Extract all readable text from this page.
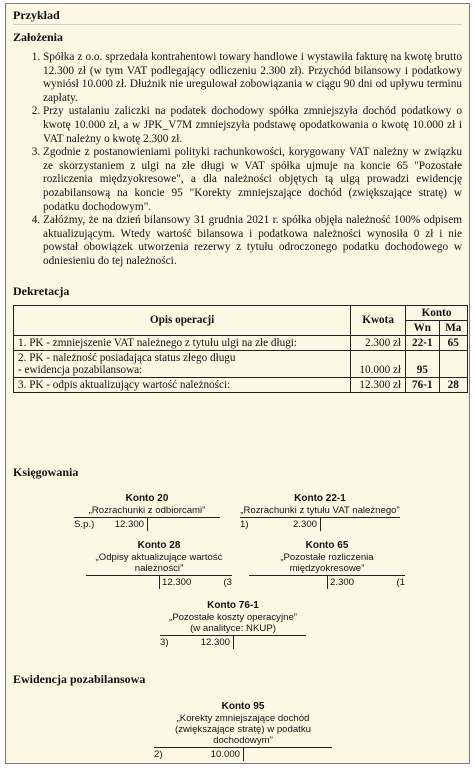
Przykład
Założenia
1. Spółka z o.o. sprzedała kontrahentowi towary handlowe i wystawiła fakturę na kwotę brutto 12.300 zł (w tym VAT podlegający odliczeniu 2.300 zł). Przychód bilansowy i podatkowy wyniósł 10.000 zł. Dłużnik nie uregulował zobowiązania w ciągu 90 dni od upływu terminu zapłaty.
2. Przy ustalaniu zaliczki na podatek dochodowy spółka zmniejszyła dochód podatkowy o kwotę 10.000 zł, a w JPK_V7M zmniejszyła podstawę opodatkowania o kwotę 10.000 zł i VAT należny o kwotę 2.300 zł.
3. Zgodnie z postanowieniami polityki rachunkowości, korygowany VAT należny w związku ze skorzystaniem z ulgi na złe długi w VAT spółka ujmuje na koncie 65 "Pozostałe rozliczenia międzyokresowe", a dla należności objętych tą ulgą prowadzi ewidencję pozabilansową na koncie 95 "Korekty zmniejszające dochód (zwiększające stratę) w podatku dochodowym".
4. Załóżmy, że na dzień bilansowy 31 grudnia 2021 r. spółka objęła należność 100% odpisem aktualizującym. Wtedy wartość bilansowa i podatkowa należności wynosiła 0 zł i nie powstał obowiązek utworzenia rezerwy z tytułu odroczonego podatku dochodowego w odniesieniu do tej należności.
Dekretacja
Opis operacji	Kwota	Konto	
		Wn	Ma
1. PK - zmniejszenie VAT należnego z tytułu ulgi na złe długi:	2.300 zł	22-1	65

2. PK - należność posiadająca status złego długu
- ewidencja pozabilansowa:	10.000 zł	95	
3. PK - odpis aktualizujący wartość należności:	12.300 zł	76-1	28
Księgowania
Konto 20
„Rozrachunki z odbiorcami”
S.p.) 12.300
Konto 22-1
„Rozrachunki z tytułu VAT należnego”
1)	2.300
Konto 28
„Odpisy aktualizujące wartość
należności”
12.300	(3
Konto 65
„Pozostałe rozliczenia
międzyokresowe”
2.300	(1
Konto 76-1
„Pozostałe koszty operacyjne”
(w analityce: NKUP)
3)	12.300
Ewidencja pozabilansowa
Konto 95
„Korekty zmniejszające dochód
(zwiększające stratę) w podatku dochodowym”
2)	10.000
